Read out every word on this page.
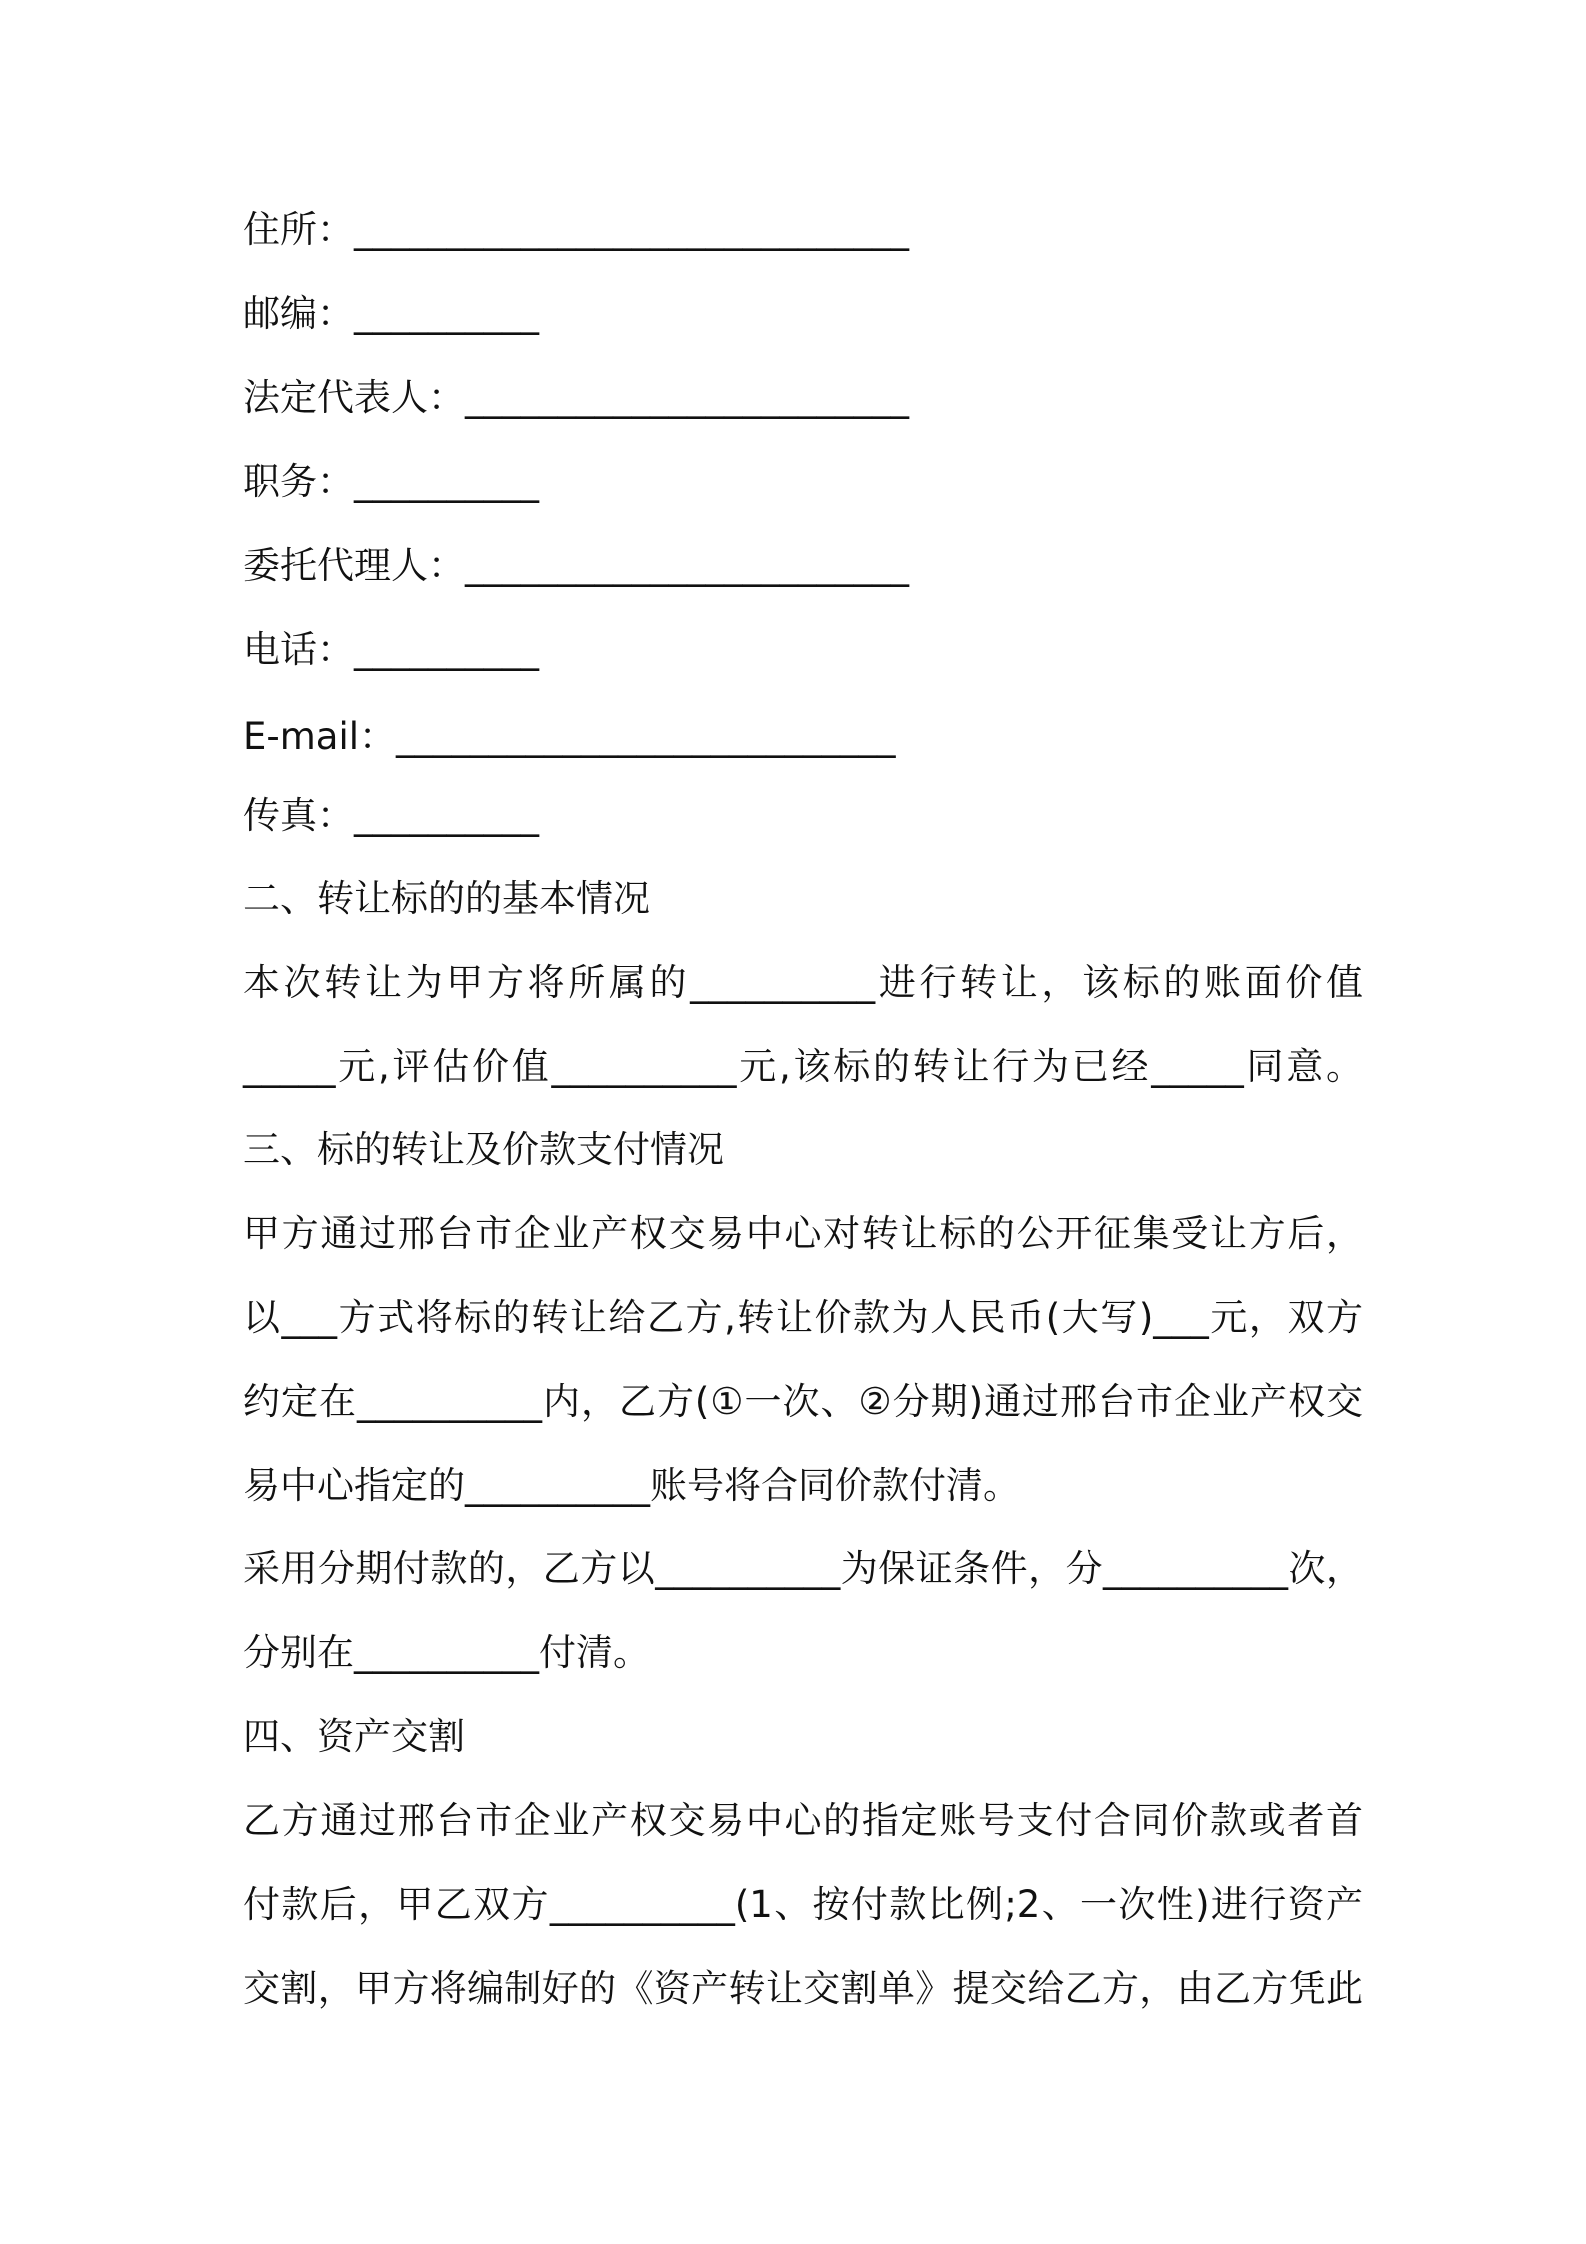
住所：______________________________
邮编：__________
法定代表人：________________________
职务：__________
委托代理人：________________________
电话：__________
E-mail：___________________________
传真：__________
二、转让标的的基本情况
本次转让为甲方将所属的__________进行转让，该标的账面价值
_____元,评估价值__________元,该标的转让行为已经_____同意。
三、标的转让及价款支付情况
甲方通过邢台市企业产权交易中心对转让标的公开征集受让方后，
以___方式将标的转让给乙方,转让价款为人民币(大写)___元，双方
约定在__________内，乙方(①一次、②分期)通过邢台市企业产权交
易中心指定的__________账号将合同价款付清。
采用分期付款的，乙方以__________为保证条件，分__________次，
分别在__________付清。
四、资产交割
乙方通过邢台市企业产权交易中心的指定账号支付合同价款或者首
付款后，甲乙双方__________(1、按付款比例;2、一次性)进行资产
交割，甲方将编制好的《资产转让交割单》提交给乙方，由乙方凭此
